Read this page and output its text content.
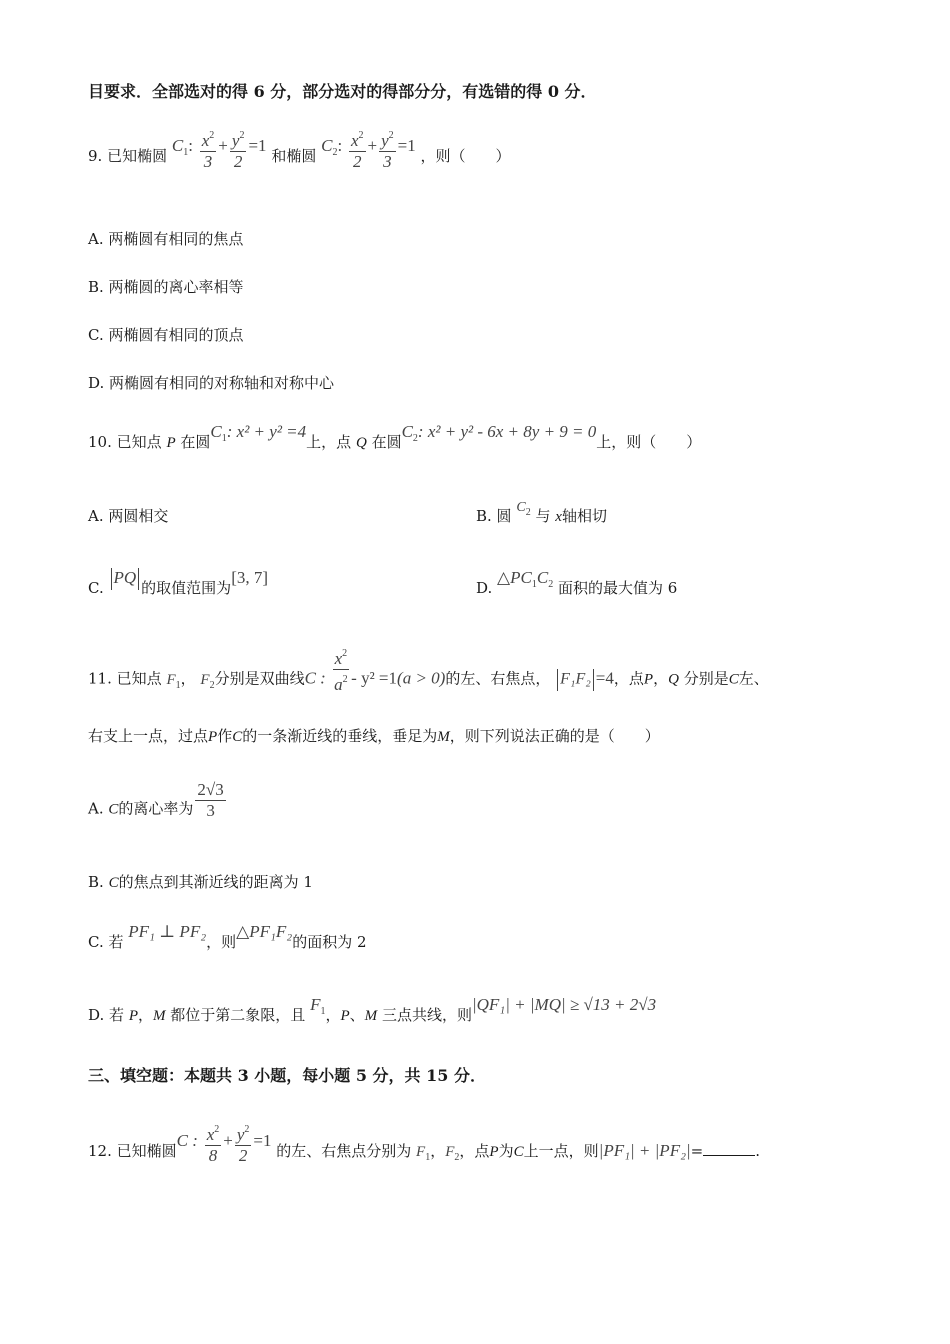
目要求．全部选对的得 6 分，部分选对的得部分分，有选错的得 0 分．
9. 已知椭圆 $C_1$: $\frac{x^2}{3} + \frac{y^2}{2} =1$ 和椭圆 $C_2$: $\frac{x^2}{2} + \frac{y^2}{3} =1$ ，则（　　）
A. 两椭圆有相同的焦点
B. 两椭圆的离心率相等
C. 两椭圆有相同的顶点
D. 两椭圆有相同的对称轴和对称中心
10. 已知点 P 在圆$C_1$: x² + y² =4上，点 Q 在圆$C_2$: x² + y² - 6x + 8y + 9 = 0上，则（　　）
A. 两圆相交	B. 圆 $C_2$ 与 x轴相切
C. PQ的取值范围为[3, 7]
D. $\triangle PC_1C_2$ 面积的最大值为 6
11. 已知点 $F_1$， $F_2$分别是双曲线C : $\frac{x^2}{a^2} - y^2 =1(a > 0)$的左、右焦点， F₁F₂ =4，点P，Q 分别是C左、
右支上一点，过点P作C的一条渐近线的垂线，垂足为M，则下列说法正确的是（　　）
A. C的离心率为 $\frac{2√3}{3}$
B. C的焦点到其渐近线的距离为 1
C. 若 PF₁ ⊥ PF₂，则△PF₁F₂的面积为 2
D. 若 P，M 都位于第二象限，且 $F_1$，P、M 三点共线，则|QF₁| + |MQ| ≥ √13 + 2√3
三、填空题：本题共 3 小题，每小题 5 分，共 15 分．
12. 已知椭圆C : $\frac{x^2}{8} + \frac{y^2}{2} =1$ 的左、右焦点分别为 $F_1$，$F_2$，点P为C上一点，则|PF₁| + |PF₂|=	.
